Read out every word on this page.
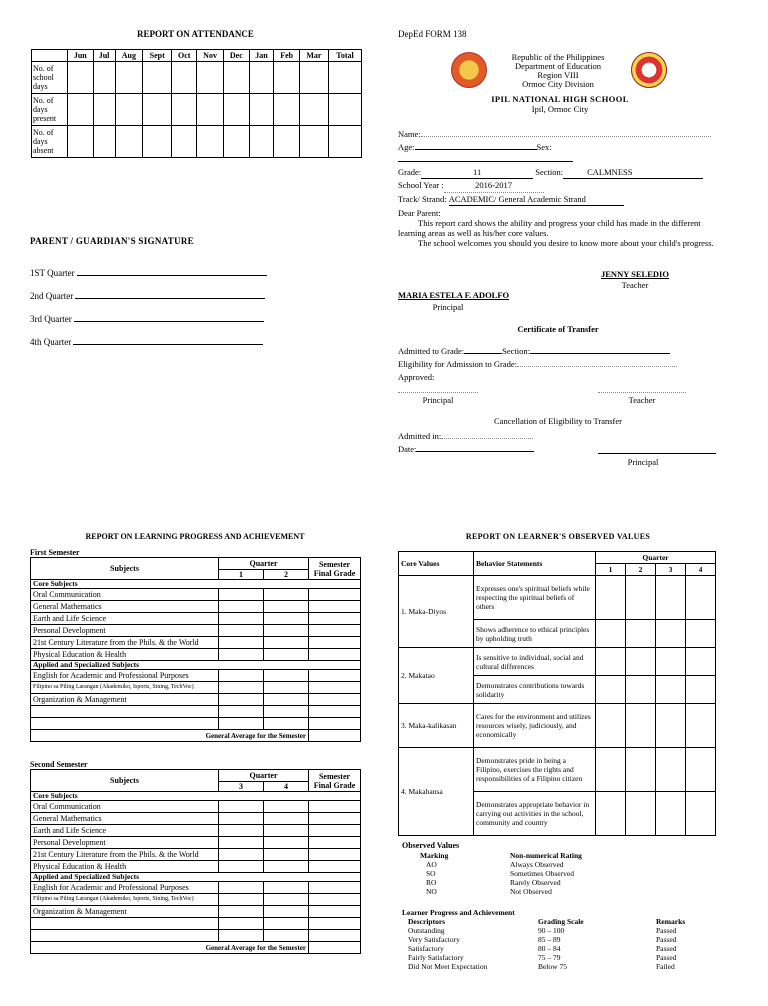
REPORT ON ATTENDANCE
	Jun	Jul	Aug	Sept	Oct	Nov	Dec	Jan	Feb	Mar	Total
No. of school days											
No. of days present											
No. of days absent											
PARENT / GUARDIAN'S SIGNATURE
1ST Quarter
2nd Quarter
3rd Quarter
4th Quarter
DepEd FORM 138
Republic of the Philippines
Department of Education
Region VIII
Ormoc City Division
IPIL NATIONAL HIGH SCHOOL
Ipil, Ormoc City
Name:
Age:	Sex:
Grade:	11	Section:	CALMNESS
School Year :	2016-2017
Track/ Strand: ACADEMIC/ General Academic Strand
Dear Parent:
This report card shows the ability and progress your child has made in the different learning areas as well as his/her core values.
The school welcomes you should you desire to know more about your child's progress.
JENNY SELEDIO
Teacher
MARIA ESTELA F. ADOLFO
Principal
Certificate of Transfer
Admitted to Grade:	Section:
Eligibility for Admission to Grade:
Approved:
Principal	Teacher
Cancellation of Eligibility to Transfer
Admitted in:
Date:
Principal
REPORT ON LEARNING PROGRESS AND ACHIEVEMENT
First Semester
Subjects	Quarter		Semester Final Grade
	1	2	
Core Subjects			
Oral Communication			
General Mathematics			
Earth and Life Science			
Personal Development			
21st Century Literature from the Phils. & the World			
Physical Education & Health			
Applied and Specialized Subjects			
English for Academic and Professional Purposes			
Filipino sa Piling Larangan (Akademiko, Isports, Sining, TechVoc)			
Organization & Management			

General Average for the Semester			
Second Semester
Subjects	Quarter		Semester Final Grade
	3	4	
Core Subjects			
Oral Communication			
General Mathematics			
Earth and Life Science			
Personal Development			
21st Century Literature from the Phils. & the World			
Physical Education & Health			
Applied and Specialized Subjects			
English for Academic and Professional Purposes			
Filipino sa Piling Larangan (Akademiko, Isports, Sining, TechVoc)			
Organization & Management			

General Average for the Semester			
REPORT ON LEARNER'S OBSERVED VALUES
Core Values	Behavior Statements	Quarter			
		1	2	3	4
1. Maka-Diyos	Expresses one's spiritual beliefs while respecting the spiritual beliefs of others				
	Shows adherence to ethical principles by upholding truth				
2. Makatao	Is sensitive to individual, social and cultural differences				
	Demonstrates contributions towards solidarity				
3. Maka-kalikasan	Cares for the environment and utilizes resources wisely, judiciously, and economically				
4. Makabansa	Demonstrates pride in being a Filipino, exercises the rights and responsibilities of a Filipino citizen				
	Demonstrates appropriate behavior in carrying out activities in the school, community and country				
Observed Values
Marking	Non-numerical Rating
AO	Always Observed
SO	Sometimes Observed
RO	Rarely Observed
NO	Not Observed
Learner Progress and Achievement
Descriptors	Grading Scale	Remarks
Outstanding	90 – 100	Passed
Very Satisfactory	85 – 89	Passed
Satisfactory	80 – 84	Passed
Fairly Satisfactory	75 – 79	Passed
Did Not Meet Expectation	Below 75	Failed
